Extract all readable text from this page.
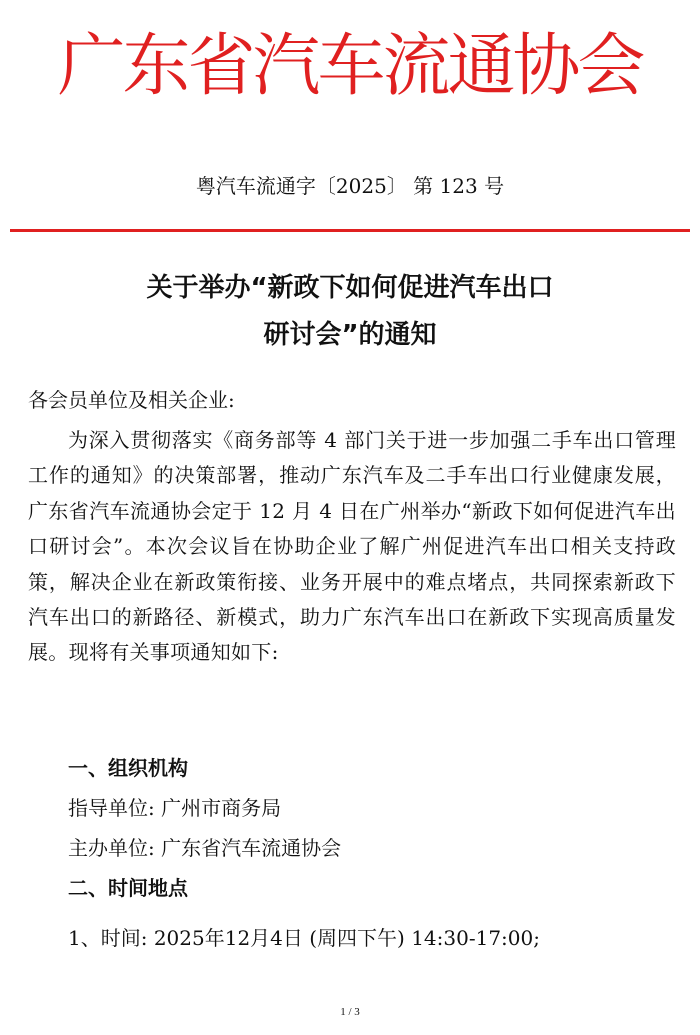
广东省汽车流通协会
粤汽车流通字〔2025〕 第 123 号
关于举办“新政下如何促进汽车出口
研讨会”的通知
各会员单位及相关企业:
为深入贯彻落实《商务部等 4 部门关于进一步加强二手车出口管理工作的通知》的决策部署，推动广东汽车及二手车出口行业健康发展，广东省汽车流通协会定于 12 月 4 日在广州举办“新政下如何促进汽车出口研讨会”。本次会议旨在协助企业了解广州促进汽车出口相关支持政策，解决企业在新政策衔接、业务开展中的难点堵点，共同探索新政下汽车出口的新路径、新模式，助力广东汽车出口在新政下实现高质量发展。现将有关事项通知如下:
一、组织机构
指导单位: 广州市商务局
主办单位: 广东省汽车流通协会
二、时间地点
1、时间: 2025年12月4日 (周四下午) 14:30-17:00;
1 / 3
